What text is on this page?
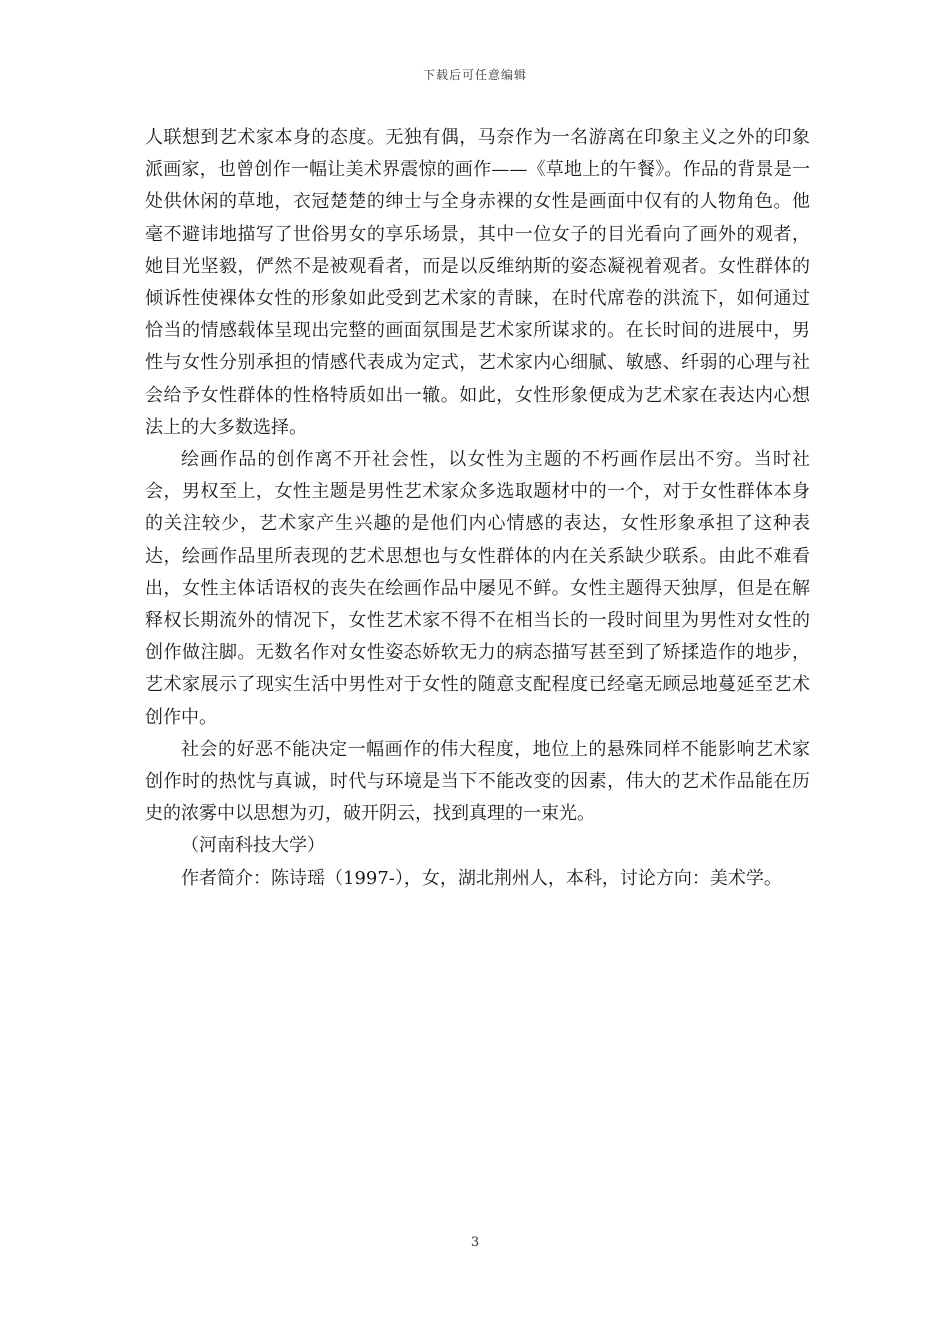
下载后可任意编辑

人联想到艺术家本身的态度。无独有偶，马奈作为一名游离在印象主义之外的印象派画家，也曾创作一幅让美术界震惊的画作——《草地上的午餐》。作品的背景是一处供休闲的草地，衣冠楚楚的绅士与全身赤裸的女性是画面中仅有的人物角色。他毫不避讳地描写了世俗男女的享乐场景，其中一位女子的目光看向了画外的观者，她目光坚毅，俨然不是被观看者，而是以反维纳斯的姿态凝视着观者。女性群体的倾诉性使裸体女性的形象如此受到艺术家的青睐，在时代席卷的洪流下，如何通过恰当的情感载体呈现出完整的画面氛围是艺术家所谋求的。在长时间的进展中，男性与女性分别承担的情感代表成为定式，艺术家内心细腻、敏感、纤弱的心理与社会给予女性群体的性格特质如出一辙。如此，女性形象便成为艺术家在表达内心想法上的大多数选择。

绘画作品的创作离不开社会性，以女性为主题的不朽画作层出不穷。当时社会，男权至上，女性主题是男性艺术家众多选取题材中的一个，对于女性群体本身的关注较少，艺术家产生兴趣的是他们内心情感的表达，女性形象承担了这种表达，绘画作品里所表现的艺术思想也与女性群体的内在关系缺少联系。由此不难看出，女性主体话语权的丧失在绘画作品中屡见不鲜。女性主题得天独厚，但是在解释权长期流外的情况下，女性艺术家不得不在相当长的一段时间里为男性对女性的创作做注脚。无数名作对女性姿态娇软无力的病态描写甚至到了矫揉造作的地步，艺术家展示了现实生活中男性对于女性的随意支配程度已经毫无顾忌地蔓延至艺术创作中。

社会的好恶不能决定一幅画作的伟大程度，地位上的悬殊同样不能影响艺术家创作时的热忱与真诚，时代与环境是当下不能改变的因素，伟大的艺术作品能在历史的浓雾中以思想为刃，破开阴云，找到真理的一束光。

（河南科技大学）

作者简介：陈诗瑶（1997-），女，湖北荆州人，本科，讨论方向：美术学。

3
